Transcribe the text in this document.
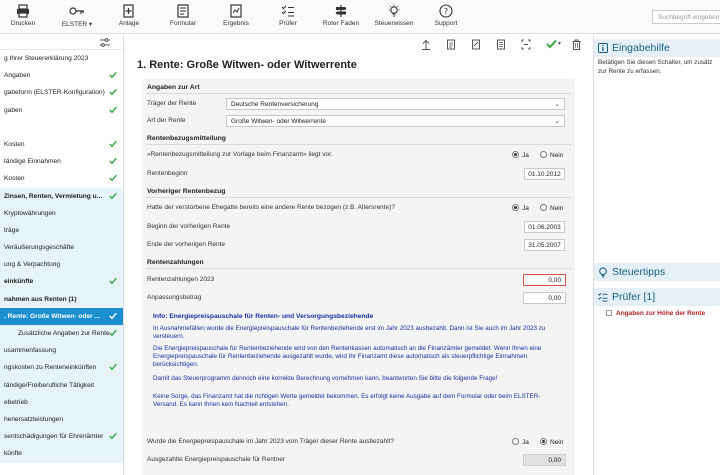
Drucken	ELSTER ▾	Anlage	Formular	Ergebnis	Prüfer	Roter Faden	Steuerwissen
?
Support
Suchbegriff eingeben
g Ihrer Steuererklärung 2023
Angaben
gabeform (ELSTER-Konfiguration)
gaben
Kosten
tändige Einnahmen
Kosten
Zinsen, Renten, Vermietung u...
Kryptowährungen
träge
Veräußerungsgeschäfte
ung & Verpachtung
einkünfte
nahmen aus Renten (1)
. Rente: Große Witwen- oder ...
Zusätzliche Angaben zur Rente
usammenfassung
ngskosten zu Renteneinkünften
tändige/Freiberufliche Tätigkeit
ebetrieb
henersatzleistungen
sentschädigungen für Ehrenämter
künfte
▾
1. Rente: Große Witwen- oder Witwerrente
Angaben zur Art
Träger der Rente	Deutsche Rentenversicherung	⌄
Art der Rente	Große Witwen- oder Witwerrente	⌄
Rentenbezugsmitteilung
»Rentenbezugsmitteilung zur Vorlage beim Finanzamt« liegt vor.	Ja	Nein
Rentenbeginn	01.10.2012
Vorheriger Rentenbezug
Hatte der verstorbene Ehegatte bereits eine andere Rente bezogen (z.B. Altersrente)?	Ja	Nein
Beginn der vorherigen Rente	01.06.2003
Ende der vorherigen Rente	31.05.2007
Rentenzahlungen
Rentenzahlungen 2023	0,00
Anpassungsbetrag	0,00
Info: Energiepreispauschale für Renten- und Versorgungsbeziehende
In Ausnahmefällen wurde die Energiepreispauschale für Rentenbeziehende erst im Jahr 2023 ausbezahlt. Dann ist Sie auch im Jahr 2023 zu versteuern.
Die Energiepreispauschale für Rentenbeziehende wird von den Rentenkassen automatisch an die Finanzämter gemeldet. Wenn Ihnen eine Energiepreispauschale für Rentenbeziehende ausgezahlt wurde, wird Ihr Finanzamt diese automatisch als steuerpflichtige Einnahmen berücksichtigen.
Damit das Steuerprogramm dennoch eine korrekte Berechnung vornehmen kann, beantworten Sie bitte die folgende Frage!
Keine Sorge, das Finanzamt hat die richtigen Werte gemeldet bekommen. Es erfolgt keine Ausgabe auf dem Formular oder beim ELSTER-Versand. Es kann Ihnen kein Nachteil entstehen.
Wurde die Energiepreispauschale im Jahr 2023 vom Träger dieser Rente ausbezahlt?	Ja	Nein
Ausgezahlte Energiepreispauschale für Rentner	0,00
Eingabehilfe
Betätigen Sie diesen Schalter, um zusätz zur Rente zu erfassen.
Steuertipps
Prüfer [1]
Angaben zur Höhe der Rente
